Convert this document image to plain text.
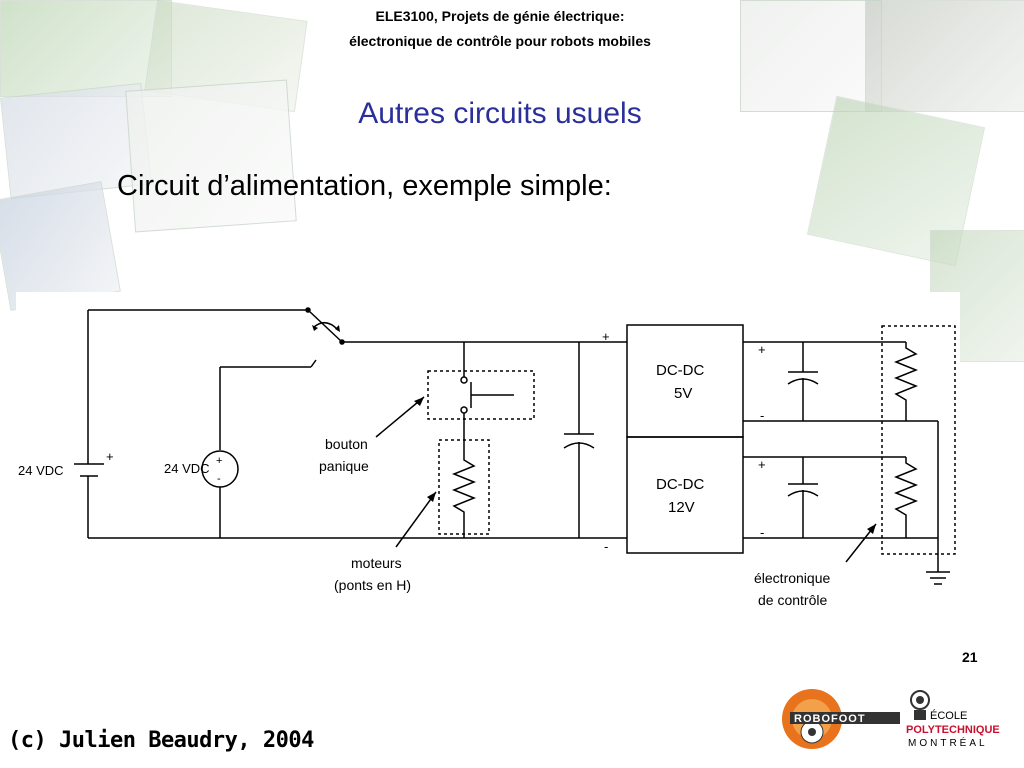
ELE3100, Projets de génie électrique:
électronique de contrôle pour robots mobiles
Autres circuits usuels
Circuit d’alimentation, exemple simple:
24 VDC
+
24 VDC +
-
bouton
panique
moteurs
(ponts en H)
+
-
DC-DC
5V
DC-DC
12V
+
-
+
-
électronique
de contrôle
21
(c) Julien Beaudry, 2004
ROBOFOOT	ÉCOLE
POLYTECHNIQUE
MONTRÉAL
